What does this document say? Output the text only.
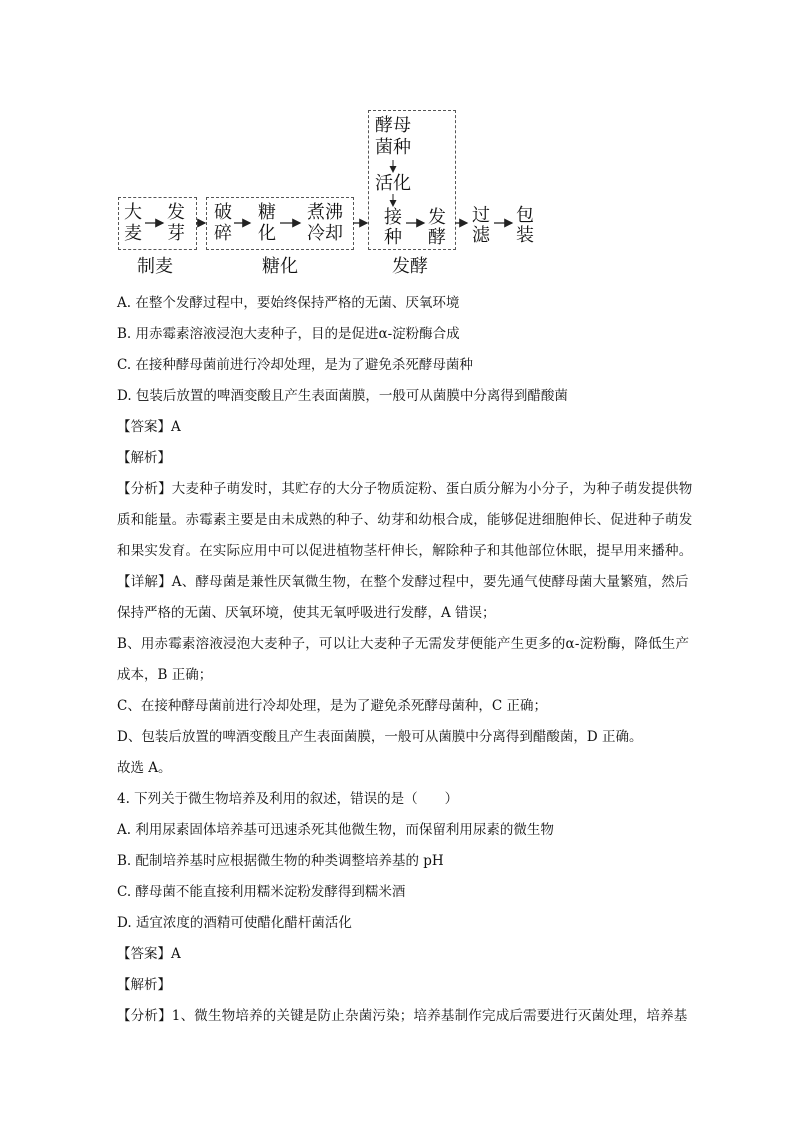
大
麦
发
芽
破
碎
糖
化
煮沸
冷却
酵母
菌种
活化
接
种
发
酵
过
滤
包
装
制麦	糖化	发酵
A. 在整个发酵过程中，要始终保持严格的无菌、厌氧环境
B. 用赤霉素溶液浸泡大麦种子，目的是促进α-淀粉酶合成
C. 在接种酵母菌前进行冷却处理，是为了避免杀死酵母菌种
D. 包装后放置的啤酒变酸且产生表面菌膜，一般可从菌膜中分离得到醋酸菌
【答案】A
【解析】
【分析】大麦种子萌发时，其贮存的大分子物质淀粉、蛋白质分解为小分子，为种子萌发提供物
质和能量。赤霉素主要是由未成熟的种子、幼芽和幼根合成，能够促进细胞伸长、促进种子萌发
和果实发育。在实际应用中可以促进植物茎杆伸长，解除种子和其他部位休眠，提早用来播种。
【详解】A、酵母菌是兼性厌氧微生物，在整个发酵过程中，要先通气使酵母菌大量繁殖，然后
保持严格的无菌、厌氧环境，使其无氧呼吸进行发酵，A 错误；
B、用赤霉素溶液浸泡大麦种子，可以让大麦种子无需发芽便能产生更多的α-淀粉酶，降低生产
成本，B 正确；
C、在接种酵母菌前进行冷却处理，是为了避免杀死酵母菌种，C 正确；
D、包装后放置的啤酒变酸且产生表面菌膜，一般可从菌膜中分离得到醋酸菌，D 正确。
故选 A。
4. 下列关于微生物培养及利用的叙述，错误的是（　　）
A. 利用尿素固体培养基可迅速杀死其他微生物，而保留利用尿素的微生物
B. 配制培养基时应根据微生物的种类调整培养基的 pH
C. 酵母菌不能直接利用糯米淀粉发酵得到糯米酒
D. 适宜浓度的酒精可使醋化醋杆菌活化
【答案】A
【解析】
【分析】1、微生物培养的关键是防止杂菌污染；培养基制作完成后需要进行灭菌处理，培养基
